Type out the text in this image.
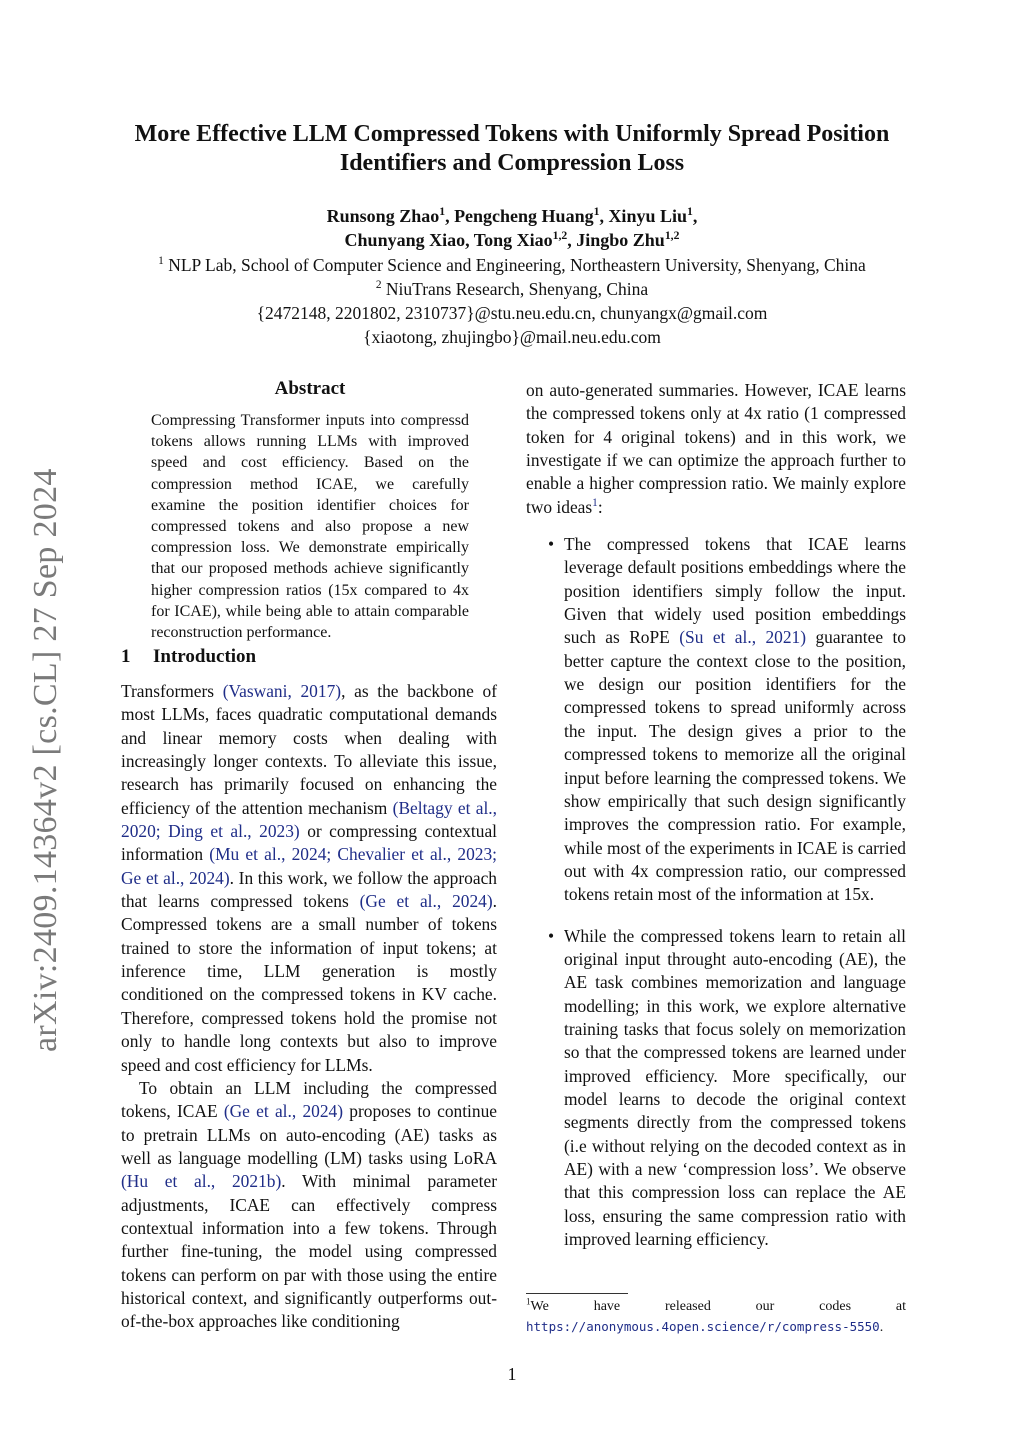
arXiv:2409.14364v2 [cs.CL] 27 Sep 2024
More Effective LLM Compressed Tokens with Uniformly Spread Position
Identifiers and Compression Loss
Runsong Zhao$^1$, Pengcheng Huang$^1$, Xinyu Liu$^1$,
Chunyang Xiao, Tong Xiao$^{1,2}$, Jingbo Zhu$^{1,2}$
$^1$ NLP Lab, School of Computer Science and Engineering, Northeastern University, Shenyang, China
$^2$ NiuTrans Research, Shenyang, China
{2472148, 2201802, 2310737}@stu.neu.edu.cn, chunyangx@gmail.com
{xiaotong, zhujingbo}@mail.neu.edu.com
Abstract

Compressing Transformer inputs into compressd tokens allows running LLMs with improved speed and cost efficiency. Based on the compression method ICAE, we carefully examine the position identifier choices for compressed tokens and also propose a new compression loss. We demonstrate empirically that our proposed methods achieve significantly higher compression ratios (15x compared to 4x for ICAE), while being able to attain comparable reconstruction performance.

1 Introduction

Transformers (Vaswani, 2017), as the backbone of most LLMs, faces quadratic computational demands and linear memory costs when dealing with increasingly longer contexts. To alleviate this issue, research has primarily focused on enhancing the efficiency of the attention mechanism (Beltagy et al., 2020; Ding et al., 2023) or compressing contextual information (Mu et al., 2024; Chevalier et al., 2023; Ge et al., 2024). In this work, we follow the approach that learns compressed tokens (Ge et al., 2024). Compressed tokens are a small number of tokens trained to store the information of input tokens; at inference time, LLM generation is mostly conditioned on the compressed tokens in KV cache. Therefore, compressed tokens hold the promise not only to handle long contexts but also to improve speed and cost efficiency for LLMs.

To obtain an LLM including the compressed tokens, ICAE (Ge et al., 2024) proposes to continue to pretrain LLMs on auto-encoding (AE) tasks as well as language modelling (LM) tasks using LoRA (Hu et al., 2021b). With minimal parameter adjustments, ICAE can effectively compress contextual information into a few tokens. Through further fine-tuning, the model using compressed tokens can perform on par with those using the entire historical context, and significantly outperforms out-of-the-box approaches like conditioning

on auto-generated summaries. However, ICAE learns the compressed tokens only at 4x ratio (1 compressed token for 4 original tokens) and in this work, we investigate if we can optimize the approach further to enable a higher compression ratio. We mainly explore two ideas$^1$:

• The compressed tokens that ICAE learns leverage default positions embeddings where the position identifiers simply follow the input. Given that widely used position embeddings such as RoPE (Su et al., 2021) guarantee to better capture the context close to the position, we design our position identifiers for the compressed tokens to spread uniformly across the input. The design gives a prior to the compressed tokens to memorize all the original input before learning the compressed tokens. We show empirically that such design significantly improves the compression ratio. For example, while most of the experiments in ICAE is carried out with 4x compression ratio, our compressed tokens retain most of the information at 15x.
• While the compressed tokens learn to retain all original input throught auto-encoding (AE), the AE task combines memorization and language modelling; in this work, we explore alternative training tasks that focus solely on memorization so that the compressed tokens are learned under improved efficiency. More specifically, our model learns to decode the original context segments directly from the compressed tokens (i.e without relying on the decoded context as in AE) with a new ‘compression loss’. We observe that this compression loss can replace the AE loss, ensuring the same compression ratio with improved learning efficiency.
$^1$We have released our codes at https://anonymous.4open.science/r/compress-5550.
1
